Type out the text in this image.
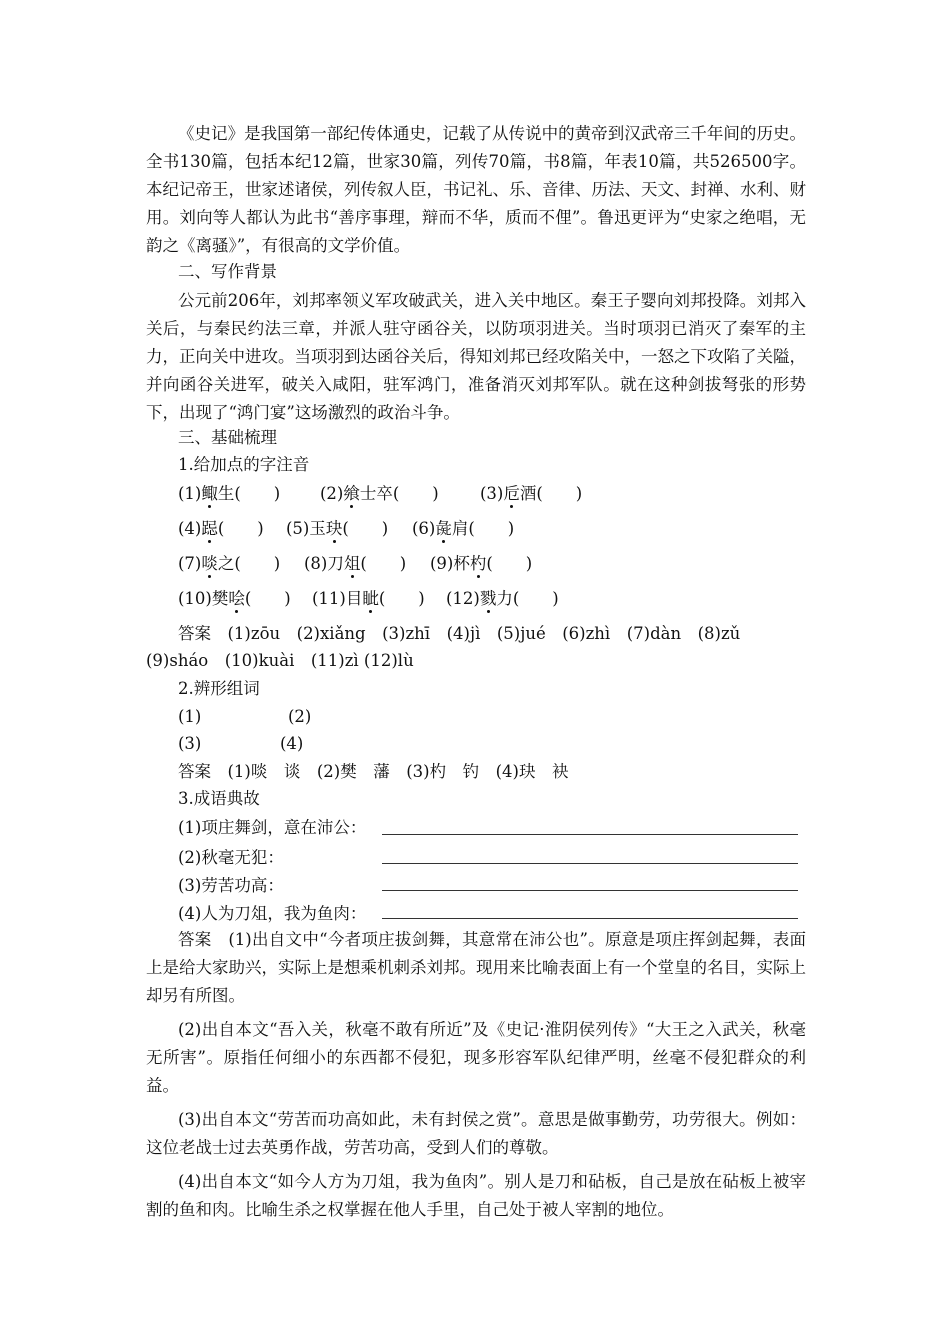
《史记》是我国第一部纪传体通史，记载了从传说中的黄帝到汉武帝三千年间的历史。全书130篇，包括本纪12篇，世家30篇，列传70篇，书8篇，年表10篇，共526500字。本纪记帝王，世家述诸侯，列传叙人臣，书记礼、乐、音律、历法、天文、封禅、水利、财用。刘向等人都认为此书“善序事理，辩而不华，质而不俚”。鲁迅更评为“史家之绝唱，无韵之《离骚》”，有很高的文学价值。

二、写作背景

公元前206年，刘邦率领义军攻破武关，进入关中地区。秦王子婴向刘邦投降。刘邦入关后，与秦民约法三章，并派人驻守函谷关，以防项羽进关。当时项羽已消灭了秦军的主力，正向关中进攻。当项羽到达函谷关后，得知刘邦已经攻陷关中，一怒之下攻陷了关隘，并向函谷关进军，破关入咸阳，驻军鸿门，准备消灭刘邦军队。就在这种剑拔弩张的形势下，出现了“鸿门宴”这场激烈的政治斗争。

三、基础梳理
1.给加点的字注音
(1)鲰生(　　) (2)飨士卒(　　)	(3)卮酒(　　)
(4)跽(　　) (5)玉玦(　　) (6)彘肩(　　)
(7)啖之(　　) (8)刀俎(　　) (9)杯杓(　　)
(10)樊哙(　　) (11)目眦(　　) (12)戮力(　　)
答案　 (1)zōu　(2)xiǎng　(3)zhī　(4)jì　(5)jué　(6)zhì　(7)dàn　(8)zǔ
(9)sháo　(10)kuài　(11)zì (12)lù
2.辨形组词
(1)	(2)
(3)	(4)
答案　 (1)啖　谈　(2)樊　藩　(3)杓　钓　(4)玦　袂
3.成语典故
(1)项庄舞剑，意在沛公：
(2)秋毫无犯：
(3)劳苦功高：
(4)人为刀俎，我为鱼肉：

答案　 (1)出自文中“今者项庄拔剑舞，其意常在沛公也”。原意是项庄挥剑起舞，表面上是给大家助兴，实际上是想乘机刺杀刘邦。现用来比喻表面上有一个堂皇的名目，实际上却另有所图。

(2)出自本文“吾入关，秋毫不敢有所近”及《史记·淮阴侯列传》“大王之入武关，秋毫无所害”。原指任何细小的东西都不侵犯，现多形容军队纪律严明，丝毫不侵犯群众的利益。

(3)出自本文“劳苦而功高如此，未有封侯之赏”。意思是做事勤劳，功劳很大。例如：这位老战士过去英勇作战，劳苦功高，受到人们的尊敬。

(4)出自本文“如今人方为刀俎，我为鱼肉”。别人是刀和砧板，自己是放在砧板上被宰割的鱼和肉。比喻生杀之权掌握在他人手里，自己处于被人宰割的地位。
